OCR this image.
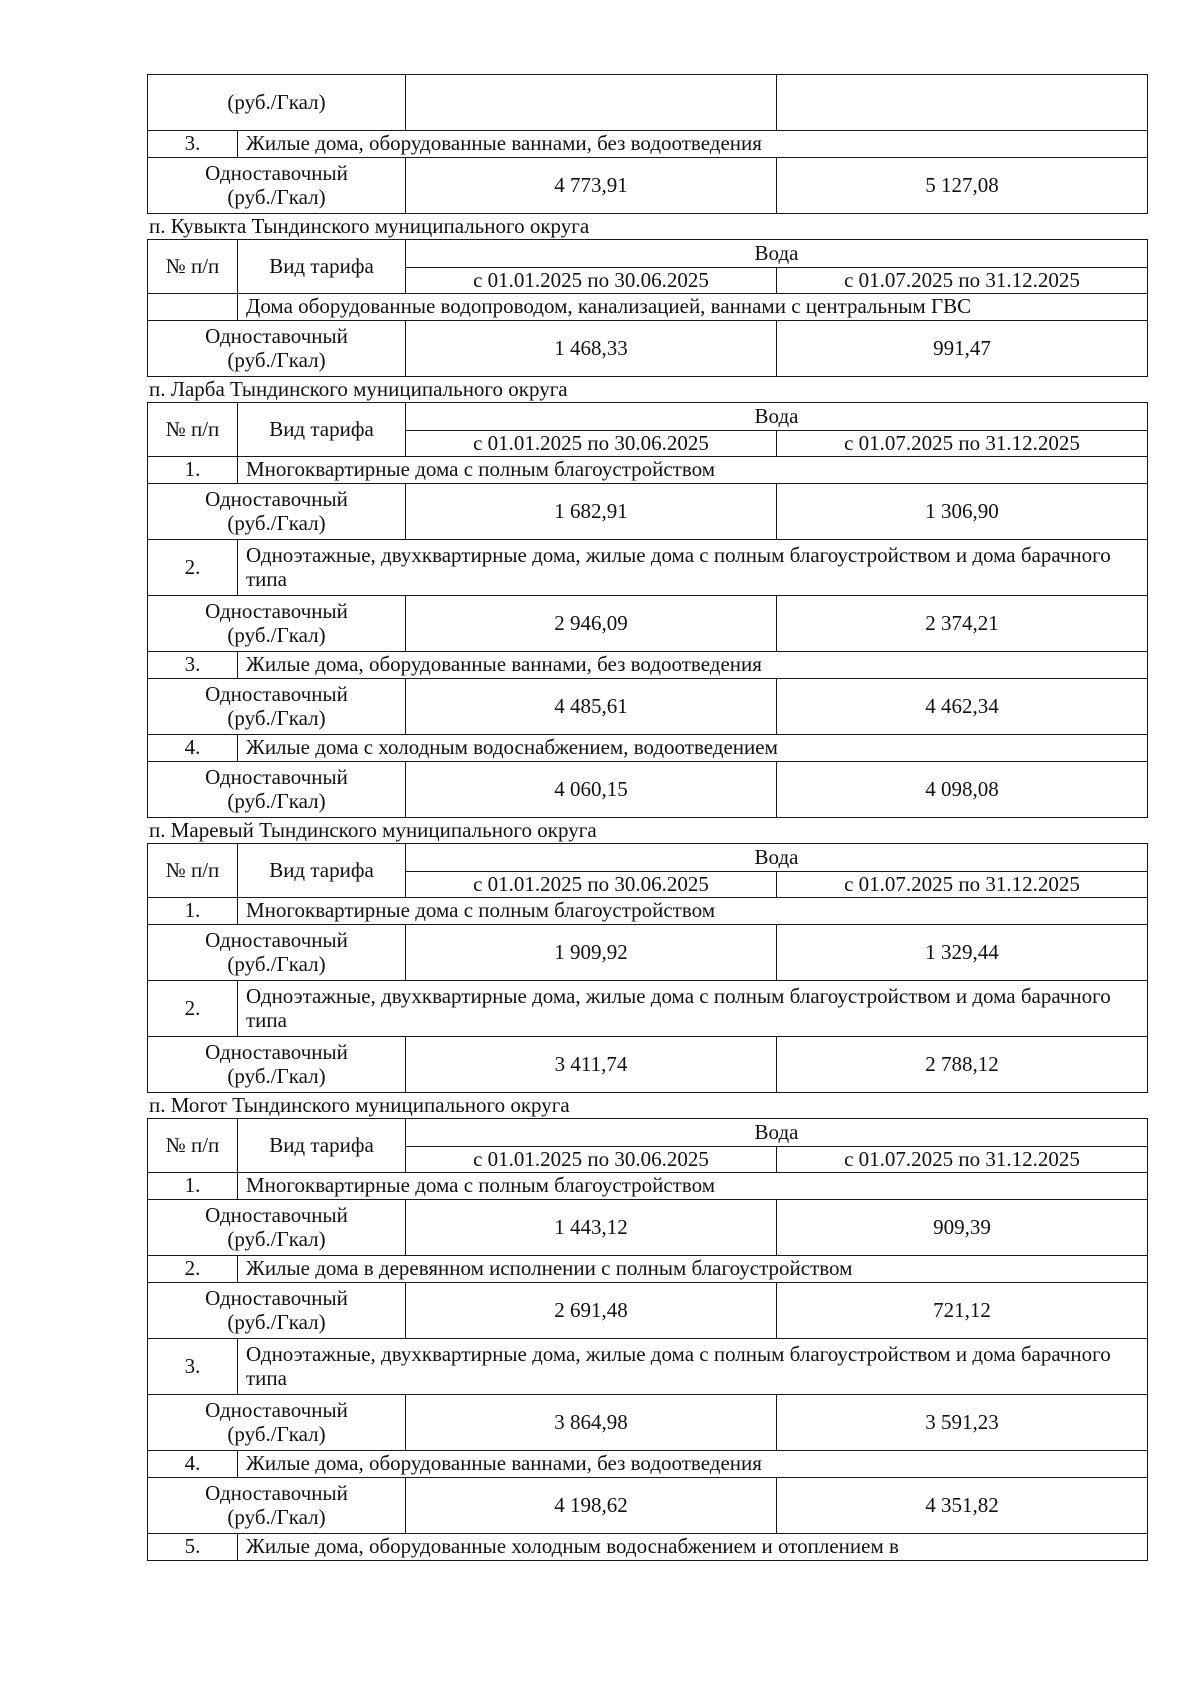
(руб./Гкал)			

3.	Жилые дома, оборудованные ваннами, без водоотведения		

Одноставочный
(руб./Гкал)		4 773,91	5 127,08
п. Кувыкта Тындинского муниципального округа
№ п/п	Вид тарифа	Вода	
		с 01.01.2025 по 30.06.2025	с 01.07.2025 по 31.12.2025
	Дома оборудованные водопроводом, канализацией, ваннами с центральным ГВС		

Одноставочный
(руб./Гкал)		1 468,33	991,47
п. Ларба Тындинского муниципального округа
№ п/п	Вид тарифа	Вода	
		с 01.01.2025 по 30.06.2025	с 01.07.2025 по 31.12.2025
1.	Многоквартирные дома с полным благоустройством		

Одноставочный
(руб./Гкал)		1 682,91	1 306,90
2.	Одноэтажные, двухквартирные дома, жилые дома с полным благоустройством и дома барачного типа		

Одноставочный
(руб./Гкал)		2 946,09	2 374,21
3.	Жилые дома, оборудованные ваннами, без водоотведения		

Одноставочный
(руб./Гкал)		4 485,61	4 462,34
4.	Жилые дома с холодным водоснабжением, водоотведением		

Одноставочный
(руб./Гкал)		4 060,15	4 098,08
п. Маревый Тындинского муниципального округа
№ п/п	Вид тарифа	Вода	
		с 01.01.2025 по 30.06.2025	с 01.07.2025 по 31.12.2025
1.	Многоквартирные дома с полным благоустройством		

Одноставочный
(руб./Гкал)		1 909,92	1 329,44
2.	Одноэтажные, двухквартирные дома, жилые дома с полным благоустройством и дома барачного типа		

Одноставочный
(руб./Гкал)		3 411,74	2 788,12
п. Могот Тындинского муниципального округа
№ п/п	Вид тарифа	Вода	
		с 01.01.2025 по 30.06.2025	с 01.07.2025 по 31.12.2025
1.	Многоквартирные дома с полным благоустройством		

Одноставочный
(руб./Гкал)		1 443,12	909,39
2.	Жилые дома в деревянном исполнении с полным благоустройством		

Одноставочный
(руб./Гкал)		2 691,48	721,12
3.	Одноэтажные, двухквартирные дома, жилые дома с полным благоустройством и дома барачного типа		

Одноставочный
(руб./Гкал)		3 864,98	3 591,23
4.	Жилые дома, оборудованные ваннами, без водоотведения		

Одноставочный
(руб./Гкал)		4 198,62	4 351,82
5.	Жилые дома, оборудованные холодным водоснабжением и отоплением в		
